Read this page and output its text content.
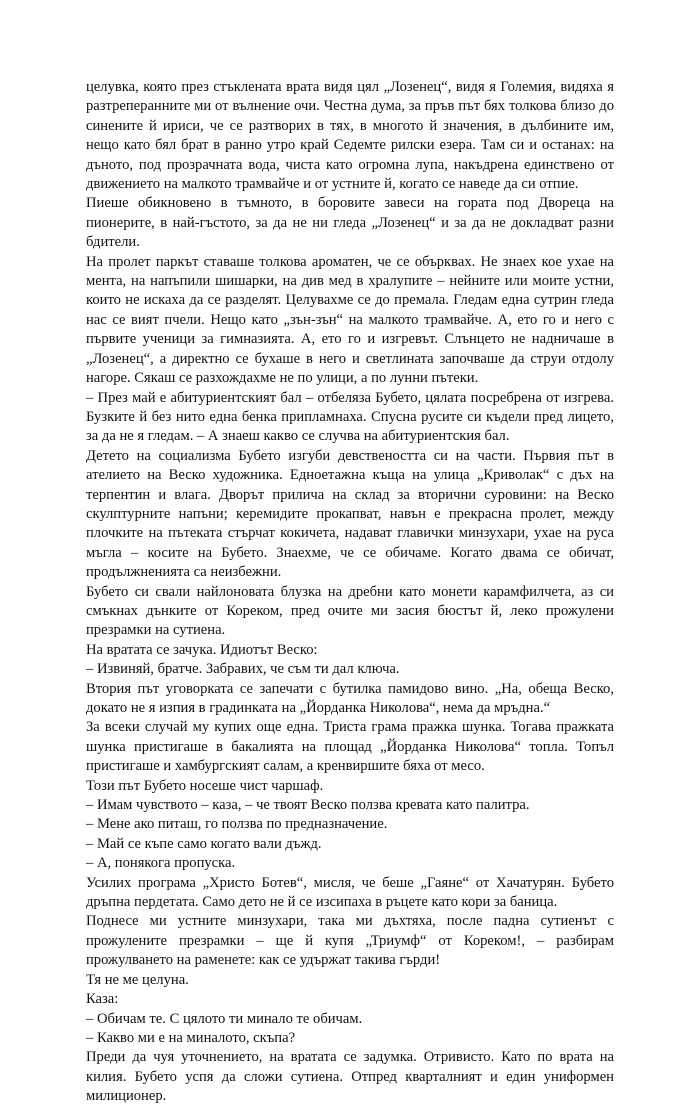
целувка, която през стъклената врата видя цял „Лозенец“, видя я Големия, видяха я разтреперанните ми от вълнение очи. Честна дума, за пръв път бях толкова близо до синените й ириси, че се разтворих в тях, в многото й значения, в дълбините им, нещо като бял брат в ранно утро край Седемте рилски езера. Там си и останах: на дъното, под прозрачната вода, чиста като огромна лупа, накъдрена единствено от движението на малкото трамвайче и от устните й, когато се наведе да си отпие.

Пиеше обикновено в тъмното, в боровите завеси на гората под Двореца на пионерите, в най-гъстото, за да не ни гледа „Лозенец“ и за да не докладват разни бдители.

На пролет паркът ставаше толкова ароматен, че се обърквах. Не знаех кое ухае на мента, на напъпили шишарки, на див мед в хралупите – нейните или моите устни, които не искаха да се разделят. Целувахме се до премала. Гледам една сутрин гледа нас се вият пчели. Нещо като „зън-зън“ на малкото трамвайче. А, ето го и него с първите ученици за гимназията. А, ето го и изгревът. Слънцето не надничаше в „Лозенец“, а директно се бухаше в него и светлината започваше да струи отдолу нагоре. Сякаш се разхождахме не по улици, а по лунни пътеки.

– През май е абитуриентският бал – отбеляза Бубето, цялата посребрена от изгрева. Бузките й без нито една бенка припламнаха. Спусна русите си къдели пред лицето, за да не я гледам. – А знаеш какво се случва на абитуриентския бал.

Детето на социализма Бубето изгуби девствеността си на части. Първия път в ателието на Веско художника. Едноетажна къща на улица „Криволак“ с дъх на терпентин и влага. Дворът прилича на склад за вторични суровини: на Веско скулптурните напъни; керемидите прокапват, навън е прекрасна пролет, между плочките на пътеката стърчат кокичета, надават главички минзухари, ухае на руса мъгла – косите на Бубето. Знаехме, че се обичаме. Когато двама се обичат, продължненията са неизбежни.

Бубето си свали найлоновата блузка на дребни като монети карамфилчета, аз си смъкнах дънките от Кореком, пред очите ми засия бюстът й, леко прожулени презрамки на сутиена.

На вратата се зачука. Идиотът Веско:

– Извиняй, братче. Забравих, че съм ти дал ключа.

Втория път уговорката се запечати с бутилка памидово вино. „На, обеща Веско, докато не я изпия в градинката на „Йорданка Николова“, нема да мръдна.“

За всеки случай му купих още една. Триста грама пражка шунка. Тогава пражката шунка пристигаше в бакалията на площад „Йорданка Николова“ топла. Топъл пристигаше и хамбургският салам, а кренвиршите бяха от месо.

Този път Бубето носеше чист чаршаф.

– Имам чувството – каза, – че твоят Веско ползва кревата като палитра.

– Мене ако питаш, го ползва по предназначение.

– Май се къпе само когато вали дъжд.

– А, понякога пропуска.

Усилих програма „Христо Ботев“, мисля, че беше „Гаяне“ от Хачатурян. Бубето дръпна пердетата. Само дето не й се изсипаха в ръцете като кори за баница.

Поднесе ми устните минзухари, така ми дъхтяха, после падна сутиенът с прожулените презрамки – ще й купя „Триумф“ от Кореком!, – разбирам прожулването на раменете: как се удържат такива гърди!

Тя не ме целуна.

Каза:

– Обичам те. С цялото ти минало те обичам.

– Какво ми е на миналото, скъпа?

Преди да чуя уточнението, на вратата се задумка. Отривисто. Като по врата на килия. Бубето успя да сложи сутиена. Отпред кварталният и един униформен милиционер.
